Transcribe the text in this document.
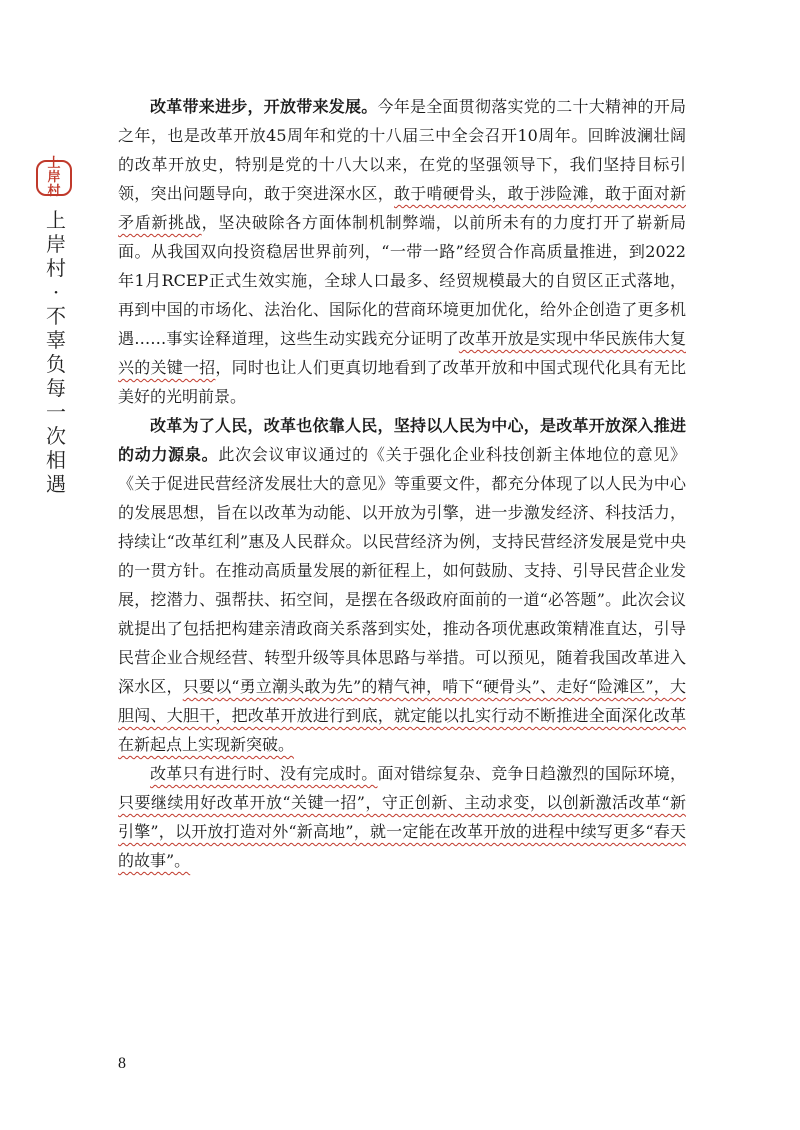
上岸村
上岸村·不辜负每一次相遇

改革带来进步，开放带来发展。今年是全面贯彻落实党的二十大精神的开局之年，也是改革开放45周年和党的十八届三中全会召开10周年。回眸波澜壮阔的改革开放史，特别是党的十八大以来，在党的坚强领导下，我们坚持目标引领，突出问题导向，敢于突进深水区，敢于啃硬骨头，敢于涉险滩，敢于面对新矛盾新挑战，坚决破除各方面体制机制弊端，以前所未有的力度打开了崭新局面。从我国双向投资稳居世界前列，“一带一路”经贸合作高质量推进，到2022年1月RCEP正式生效实施，全球人口最多、经贸规模最大的自贸区正式落地，再到中国的市场化、法治化、国际化的营商环境更加优化，给外企创造了更多机遇……事实诠释道理，这些生动实践充分证明了改革开放是实现中华民族伟大复兴的关键一招，同时也让人们更真切地看到了改革开放和中国式现代化具有无比美好的光明前景。

改革为了人民，改革也依靠人民，坚持以人民为中心，是改革开放深入推进的动力源泉。此次会议审议通过的《关于强化企业科技创新主体地位的意见》《关于促进民营经济发展壮大的意见》等重要文件，都充分体现了以人民为中心的发展思想，旨在以改革为动能、以开放为引擎，进一步激发经济、科技活力，持续让“改革红利”惠及人民群众。以民营经济为例，支持民营经济发展是党中央的一贯方针。在推动高质量发展的新征程上，如何鼓励、支持、引导民营企业发展，挖潜力、强帮扶、拓空间，是摆在各级政府面前的一道“必答题”。此次会议就提出了包括把构建亲清政商关系落到实处，推动各项优惠政策精准直达，引导民营企业合规经营、转型升级等具体思路与举措。可以预见，随着我国改革进入深水区，只要以“勇立潮头敢为先”的精气神，啃下“硬骨头”、走好“险滩区”，大胆闯、大胆干，把改革开放进行到底，就定能以扎实行动不断推进全面深化改革在新起点上实现新突破。

改革只有进行时、没有完成时。面对错综复杂、竞争日趋激烈的国际环境，只要继续用好改革开放“关键一招”，守正创新、主动求变，以创新激活改革“新引擎”，以开放打造对外“新高地”，就一定能在改革开放的进程中续写更多“春天的故事”。

8
